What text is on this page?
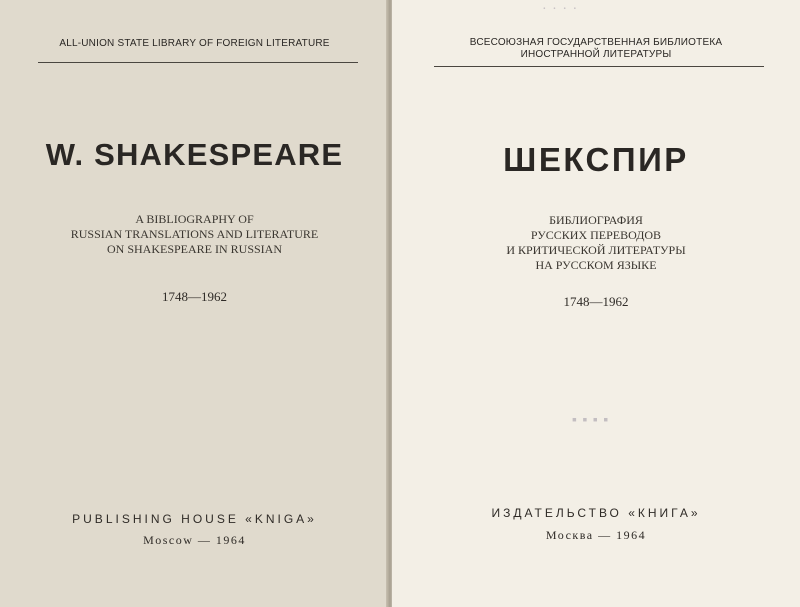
ALL-UNION STATE LIBRARY OF FOREIGN LITERATURE
W. SHAKESPEARE
A BIBLIOGRAPHY OF
RUSSIAN TRANSLATIONS AND LITERATURE
ON SHAKESPEARE IN RUSSIAN
1748—1962
PUBLISHING HOUSE «KNIGA»
Moscow — 1964
· · · ·
ВСЕСОЮЗНАЯ ГОСУДАРСТВЕННАЯ БИБЛИОТЕКА
ИНОСТРАННОЙ ЛИТЕРАТУРЫ
ШЕКСПИР
БИБЛИОГРАФИЯ
РУССКИХ ПЕРЕВОДОВ
И КРИТИЧЕСКОЙ ЛИТЕРАТУРЫ
НА РУССКОМ ЯЗЫКЕ
1748—1962
▪ ▪ ▪ ▪
ИЗДАТЕЛЬСТВО «КНИГА»
Москва — 1964
